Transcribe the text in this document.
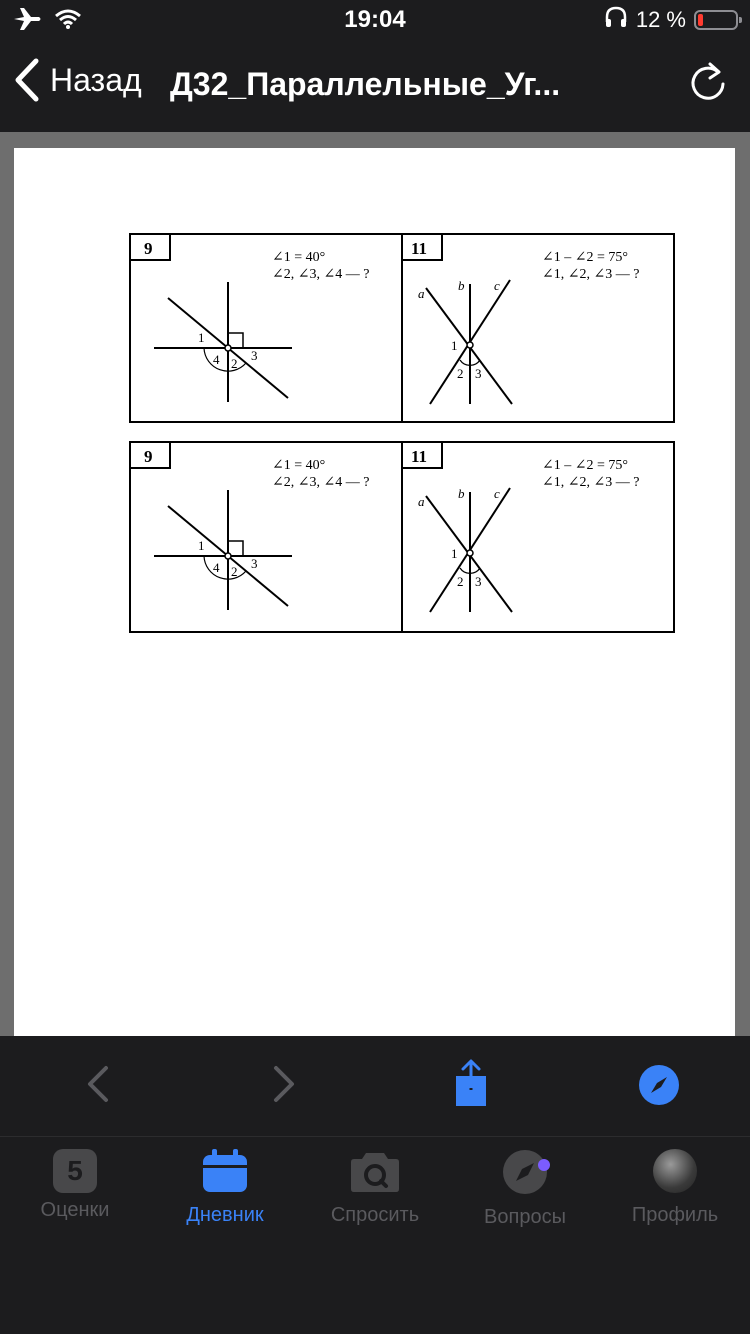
19:04	12 %
Назад Д32_Параллельные_Уг...
9	∠1 = 40°
∠2, ∠3, ∠4 — ?
1
4 2
3
11	∠1 – ∠2 = 75°
∠1, ∠2, ∠3 — ?
a
b c
1
2 3
9	∠1 = 40°
∠2, ∠3, ∠4 — ?
1
4 2
3
11	∠1 – ∠2 = 75°
∠1, ∠2, ∠3 — ?
a
b c
1
2 3
5
Оценки	Дневник	Спросить	Вопросы	Профиль
